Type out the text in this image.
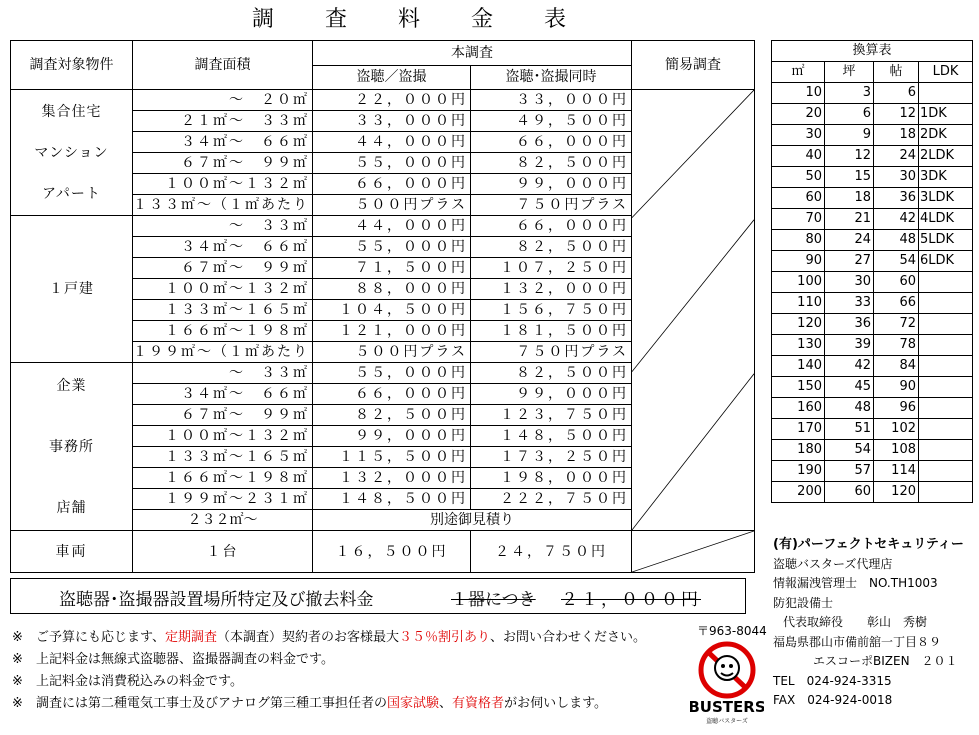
調 査 料 金 表
調査対象物件	調査面積	本調査		簡易調査
		盗聴／盗撮	盗聴･盗撮同時	

集合住宅
マンション
アパート	～　２０㎡	２２，０００円	３３，０００円	

	２１㎡～　３３㎡	３３，０００円	４９，５００円	
	３４㎡～　６６㎡	４４，０００円	６６，０００円	
	６７㎡～　９９㎡	５５，０００円	８２，５００円	
	１００㎡～１３２㎡	６６，０００円	９９，０００円	
	１３３㎡～（１㎡あたり	５００円プラス	７５０円プラス	

１戸建	～　３３㎡	４４，０００円	６６，０００円	
	３４㎡～　６６㎡	５５，０００円	８２，５００円	
	６７㎡～　９９㎡	７１，５００円	１０７，２５０円	
	１００㎡～１３２㎡	８８，０００円	１３２，０００円	
	１３３㎡～１６５㎡	１０４，５００円	１５６，７５０円	
	１６６㎡～１９８㎡	１２１，０００円	１８１，５００円	
	１９９㎡～（１㎡あたり	５００円プラス	７５０円プラス	

企業
事務所
店舗	～　３３㎡	５５，０００円	８２，５００円	
	３４㎡～　６６㎡	６６，０００円	９９，０００円	
	６７㎡～　９９㎡	８２，５００円	１２３，７５０円	
	１００㎡～１３２㎡	９９，０００円	１４８，５００円	
	１３３㎡～１６５㎡	１１５，５００円	１７３，２５０円	
	１６６㎡～１９８㎡	１３２，０００円	１９８，０００円	
	１９９㎡～２３１㎡	１４８，５００円	２２２，７５０円	
	２３２㎡～	別途御見積り		
車両	１台	１６，５００円	２４，７５０円	
盗聴器･盗撮器設置場所特定及び撤去料金	１器につき ２１，０００円
換算表			
㎡	坪	帖	LDK
10	3	6	
20	6	12	1DK
30	9	18	2DK
40	12	24	2LDK
50	15	30	3DK
60	18	36	3LDK
70	21	42	4LDK
80	24	48	5LDK
90	27	54	6LDK
100	30	60	
110	33	66	
120	36	72	
130	39	78	
140	42	84	
150	45	90	
160	48	96	
170	51	102	
180	54	108	
190	57	114	
200	60	120	
※ ご予算にも応じます、定期調査（本調査）契約者のお客様最大３５％割引あり、お問い合わせください。
※ 上記料金は無線式盗聴器、盗撮器調査の料金です。
※ 上記料金は消費税込みの料金です。
※ 調査には第二種電気工事士及びアナログ第三種工事担任者の国家試験、有資格者がお伺いします。
〒963-8044
BUSTERS
盗聴バスターズ
(有)パーフェクトセキュリティー
盗聴バスターズ代理店
情報漏洩管理士　NO.TH1003
防犯設備士
代表取締役　　彰山　秀樹
福島県郡山市備前舘一丁目８９
エスコーポBIZEN　２０１
TEL　024-924-3315
FAX　024-924-0018
